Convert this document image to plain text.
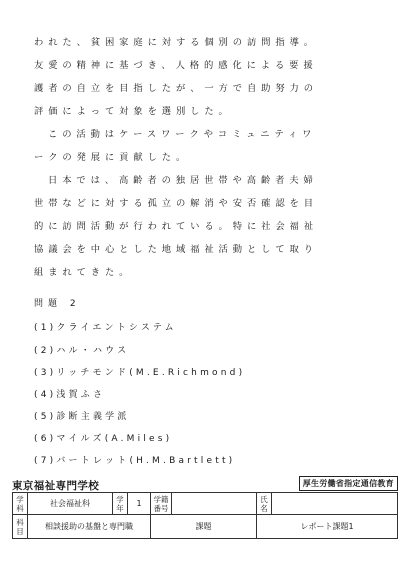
われた、貧困家庭に対する個別の訪問指導。
友愛の精神に基づき、人格的感化による要援
護者の自立を目指したが、一方で自助努力の
評価によって対象を選別した。
この活動はケースワークやコミュニティワ
ークの発展に貢献した。
日本では、高齢者の独居世帯や高齢者夫婦
世帯などに対する孤立の解消や安否確認を目
的に訪問活動が行われている。特に社会福祉
協議会を中心とした地域福祉活動として取り
組まれてきた。
問題 2
(1)クライエントシステム
(2)ハル・ハウス
(3)リッチモンド(M.E.Richmond)
(4)浅賀ふさ
(5)診断主義学派
(6)マイルズ(A.Miles)
(7)バートレット(H.M.Bartlett)
東京福祉専門学校	厚生労働省指定通信教育
学科	社会福祉科	学年	1	学籍番号		氏名	
科目	相談援助の基盤と専門職			課題		レポート課題1	
